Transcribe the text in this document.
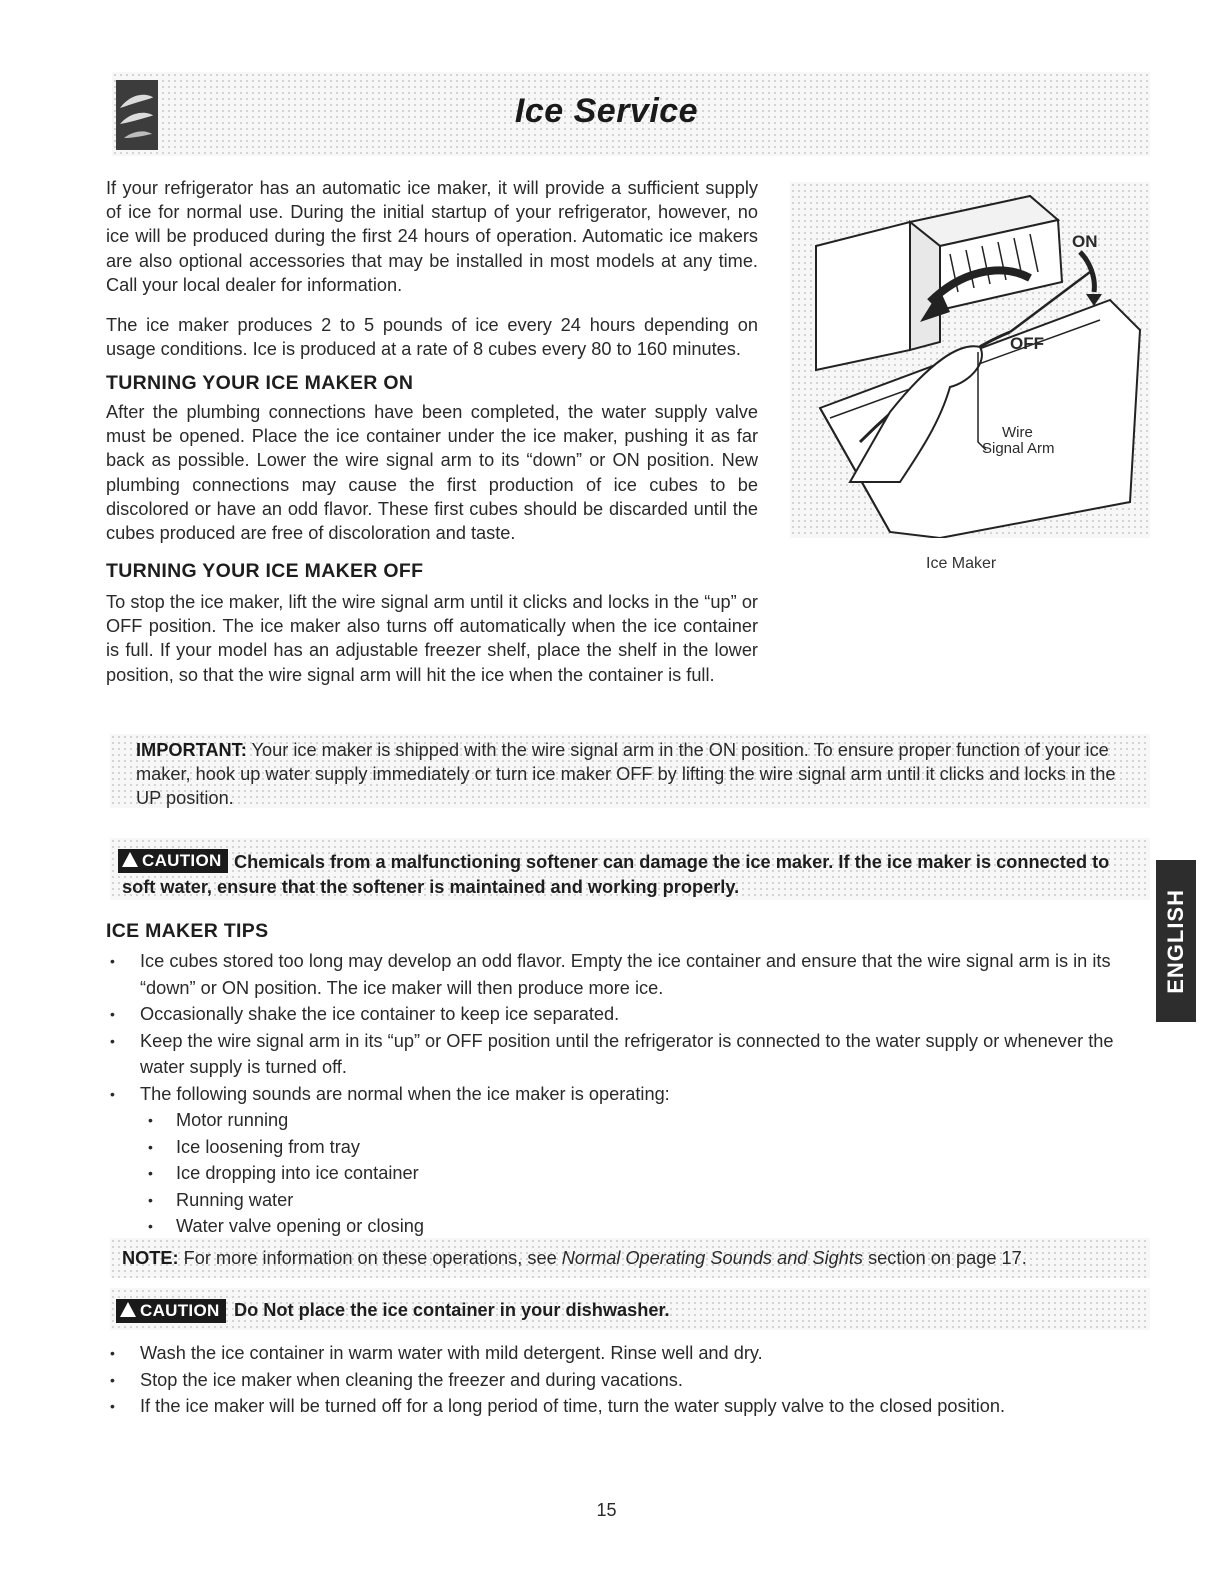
Ice Service

If your refrigerator has an automatic ice maker, it will provide a sufficient supply of ice for normal use. During the initial startup of your refrigerator, however, no ice will be produced during the first 24 hours of operation. Automatic ice makers are also optional accessories that may be installed in most models at any time. Call your local dealer for information.

The ice maker produces 2 to 5 pounds of ice every 24 hours depending on usage conditions. Ice is produced at a rate of 8 cubes every 80 to 160 minutes.

TURNING YOUR ICE MAKER ON

After the plumbing connections have been completed, the water supply valve must be opened. Place the ice container under the ice maker, pushing it as far back as possible. Lower the wire signal arm to its “down” or ON position. New plumbing connections may cause the first production of ice cubes to be discolored or have an odd flavor. These first cubes should be discarded until the cubes produced are free of discoloration and taste.

TURNING YOUR ICE MAKER OFF

To stop the ice maker, lift the wire signal arm until it clicks and locks in the “up” or OFF position. The ice maker also turns off automatically when the ice container is full. If your model has an adjustable freezer shelf, place the shelf in the lower position, so that the wire signal arm will hit the ice when the container is full.

ON
OFF
Wire
Signal Arm
Ice Maker

IMPORTANT: Your ice maker is shipped with the wire signal arm in the ON position. To ensure proper function of your ice maker, hook up water supply immediately or turn ice maker OFF by lifting the wire signal arm until it clicks and locks in the UP position.

Chemicals from a malfunctioning softener can damage the ice maker. If the ice maker is connected to soft water, ensure that the softener is maintained and working properly.

CAUTION
ICE MAKER TIPS
• Ice cubes stored too long may develop an odd flavor. Empty the ice container and ensure that the wire signal arm is in its “down” or ON position. The ice maker will then produce more ice.
• Occasionally shake the ice container to keep ice separated.
• Keep the wire signal arm in its “up” or OFF position until the refrigerator is connected to the water supply or whenever the water supply is turned off.
• The following sounds are normal when the ice maker is operating:
• Motor running
• Ice loosening from tray
• Ice dropping into ice container
• Running water
• Water valve opening or closing

NOTE: For more information on these operations, see Normal Operating Sounds and Sights section on page 17.

CAUTION Do Not place the ice container in your dishwasher.

• Wash the ice container in warm water with mild detergent. Rinse well and dry.
• Stop the ice maker when cleaning the freezer and during vacations.
• If the ice maker will be turned off for a long period of time, turn the water supply valve to the closed position.
ENGLISH
15
